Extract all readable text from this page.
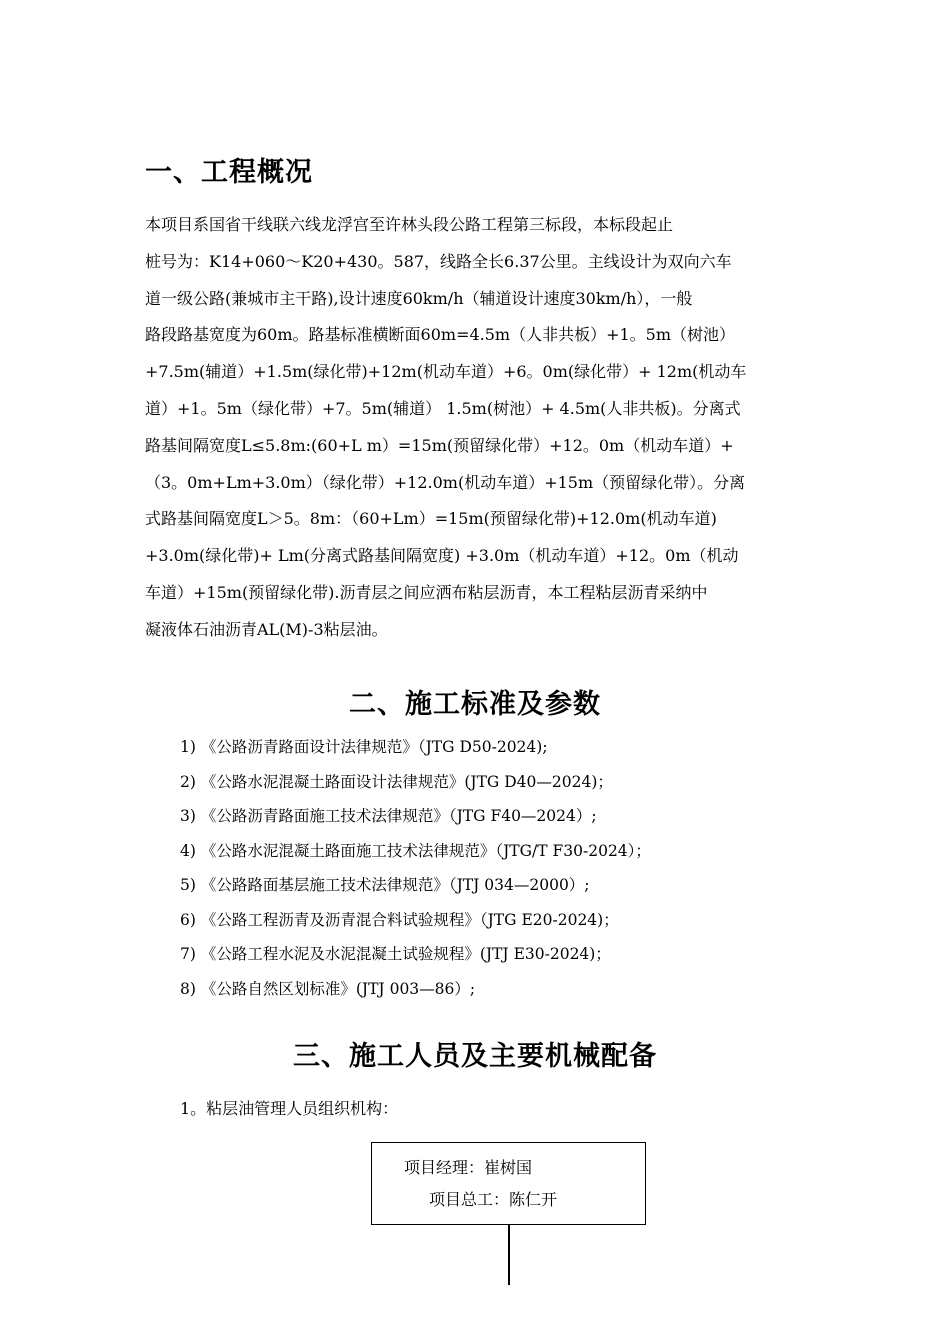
一、工程概况
本项目系国省干线联六线龙浮宫至许林头段公路工程第三标段，本标段起止
桩号为：K14+060～K20+430。587，线路全长6.37公里。主线设计为双向六车
道一级公路(兼城市主干路),设计速度60km/h（辅道设计速度30km/h），一般
路段路基宽度为60m。路基标准横断面60m=4.5m（人非共板）+1。5m（树池）
+7.5m(辅道）+1.5m(绿化带)+12m(机动车道）+6。0m(绿化带）+ 12m(机动车
道）+1。5m（绿化带）+7。5m(辅道） 1.5m(树池）+ 4.5m(人非共板)。分离式
路基间隔宽度L≤5.8m:(60+L m）=15m(预留绿化带）+12。0m（机动车道）+
（3。0m+Lm+3.0m）（绿化带）+12.0m(机动车道）+15m（预留绿化带）。分离
式路基间隔宽度L＞5。8m：（60+Lm）=15m(预留绿化带)+12.0m(机动车道)
+3.0m(绿化带)+ Lm(分离式路基间隔宽度) +3.0m（机动车道）+12。0m（机动
车道）+15m(预留绿化带).沥青层之间应洒布粘层沥青，本工程粘层沥青采纳中
凝液体石油沥青AL(M)-3粘层油。
二、施工标准及参数
1) 《公路沥青路面设计法律规范》（JTG D50-2024);
2) 《公路水泥混凝土路面设计法律规范》(JTG D40—2024)；
3) 《公路沥青路面施工技术法律规范》（JTG F40—2024）;
4) 《公路水泥混凝土路面施工技术法律规范》（JTG/T F30-2024）；
5) 《公路路面基层施工技术法律规范》（JTJ 034—2000）;
6) 《公路工程沥青及沥青混合料试验规程》（JTG E20-2024)；
7) 《公路工程水泥及水泥混凝土试验规程》(JTJ E30-2024)；
8) 《公路自然区划标准》(JTJ 003—86）;
三、施工人员及主要机械配备
1。粘层油管理人员组织机构：
项目经理：崔树国
项目总工：陈仁开
